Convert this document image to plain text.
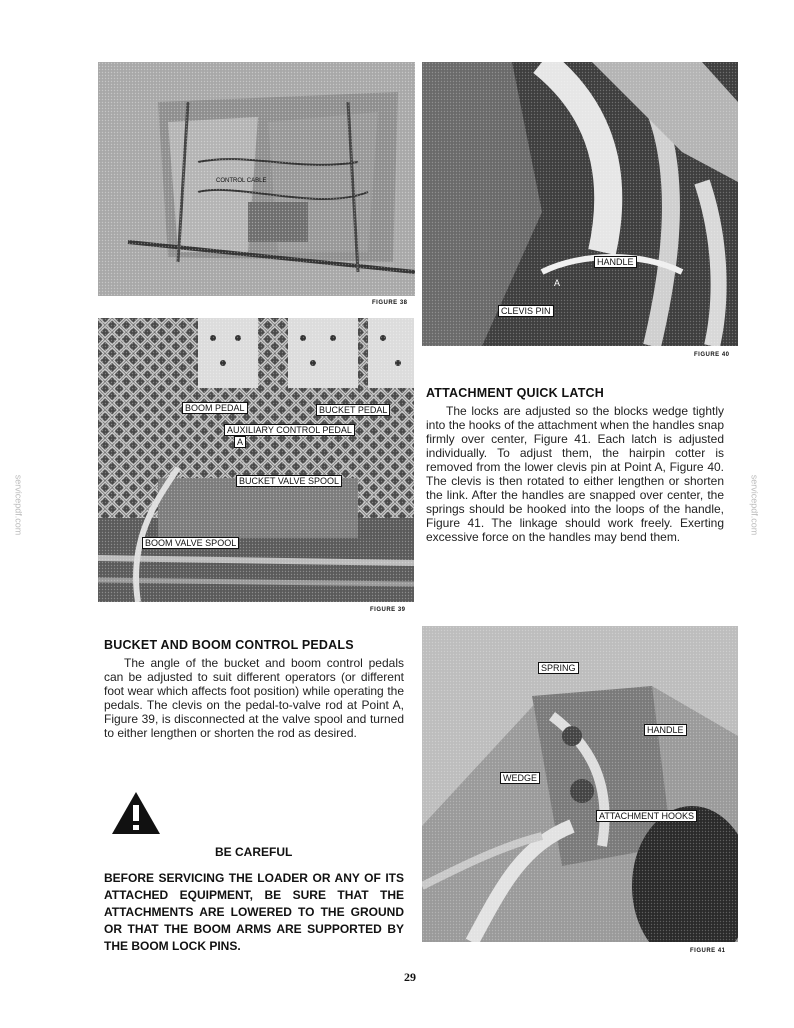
servicepdf.com	servicepdf.com
CONTROL CABLE
FIGURE 38
BOOM PEDAL	BUCKET PEDAL
AUXILIARY CONTROL PEDAL
A
BUCKET VALVE SPOOL
BOOM VALVE SPOOL
FIGURE 39
HANDLE
A
CLEVIS PIN
FIGURE 40
ATTACHMENT QUICK LATCH

The locks are adjusted so the blocks wedge tightly into the hooks of the attachment when the handles snap firmly over center, Figure 41. Each latch is adjusted individually. To adjust them, the hairpin cotter is removed from the lower clevis pin at Point A, Figure 40. The clevis is then rotated to either lengthen or shorten the link. After the handles are snapped over center, the springs should be hooked into the loops of the handle, Figure 41. The linkage should work freely. Exerting excessive force on the handles may bend them.

BUCKET AND BOOM CONTROL PEDALS

The angle of the bucket and boom control pedals can be adjusted to suit different operators (or different foot wear which affects foot position) while operating the pedals. The clevis on the pedal-to-valve rod at Point A, Figure 39, is disconnected at the valve spool and turned to either lengthen or shorten the rod as desired.

BE CAREFUL
BEFORE SERVICING THE LOADER OR ANY OF ITS ATTACHED EQUIPMENT, BE SURE THAT THE ATTACHMENTS ARE LOWERED TO THE GROUND OR THAT THE BOOM ARMS ARE SUPPORTED BY THE BOOM LOCK PINS.
SPRING
HANDLE
WEDGE
ATTACHMENT HOOKS
FIGURE 41
29
